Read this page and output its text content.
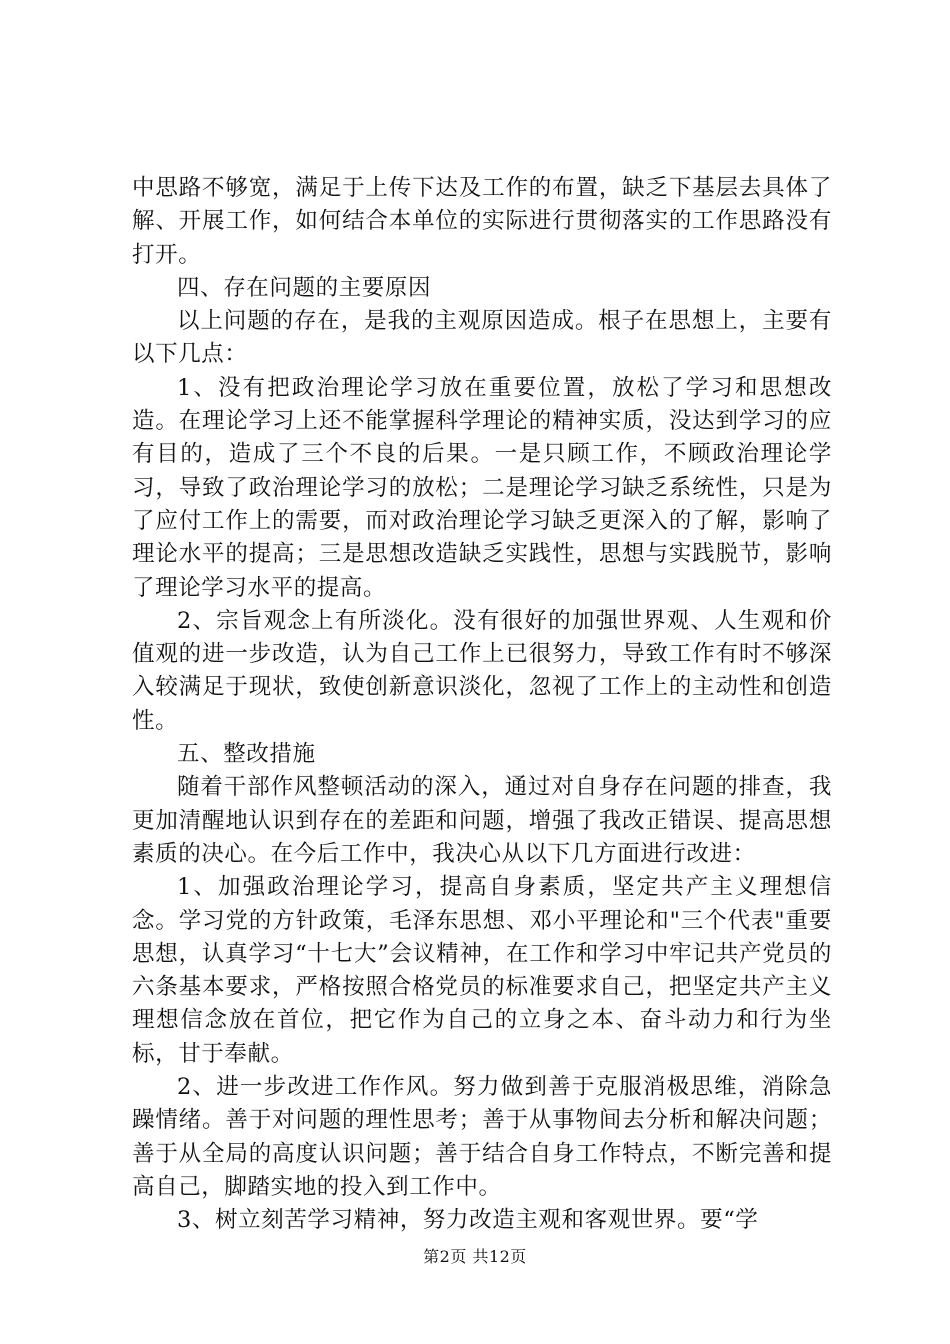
中思路不够宽，满足于上传下达及工作的布置，缺乏下基层去具体了解、开展工作，如何结合本单位的实际进行贯彻落实的工作思路没有打开。

四、存在问题的主要原因

以上问题的存在，是我的主观原因造成。根子在思想上，主要有以下几点：

1、没有把政治理论学习放在重要位置，放松了学习和思想改造。在理论学习上还不能掌握科学理论的精神实质，没达到学习的应有目的，造成了三个不良的后果。一是只顾工作，不顾政治理论学习，导致了政治理论学习的放松；二是理论学习缺乏系统性，只是为了应付工作上的需要，而对政治理论学习缺乏更深入的了解，影响了理论水平的提高；三是思想改造缺乏实践性，思想与实践脱节，影响了理论学习水平的提高。

2、宗旨观念上有所淡化。没有很好的加强世界观、人生观和价值观的进一步改造，认为自己工作上已很努力，导致工作有时不够深入较满足于现状，致使创新意识淡化，忽视了工作上的主动性和创造性。

五、整改措施

随着干部作风整顿活动的深入，通过对自身存在问题的排查，我更加清醒地认识到存在的差距和问题，增强了我改正错误、提高思想素质的决心。在今后工作中，我决心从以下几方面进行改进：

1、加强政治理论学习，提高自身素质，坚定共产主义理想信念。学习党的方针政策，毛泽东思想、邓小平理论和"三个代表"重要思想，认真学习“十七大”会议精神，在工作和学习中牢记共产党员的六条基本要求，严格按照合格党员的标准要求自己，把坚定共产主义理想信念放在首位，把它作为自己的立身之本、奋斗动力和行为坐标，甘于奉献。

2、进一步改进工作作风。努力做到善于克服消极思维，消除急躁情绪。善于对问题的理性思考；善于从事物间去分析和解决问题；善于从全局的高度认识问题；善于结合自身工作特点，不断完善和提高自己，脚踏实地的投入到工作中。

3、树立刻苦学习精神，努力改造主观和客观世界。要“学

第2页 共12页
